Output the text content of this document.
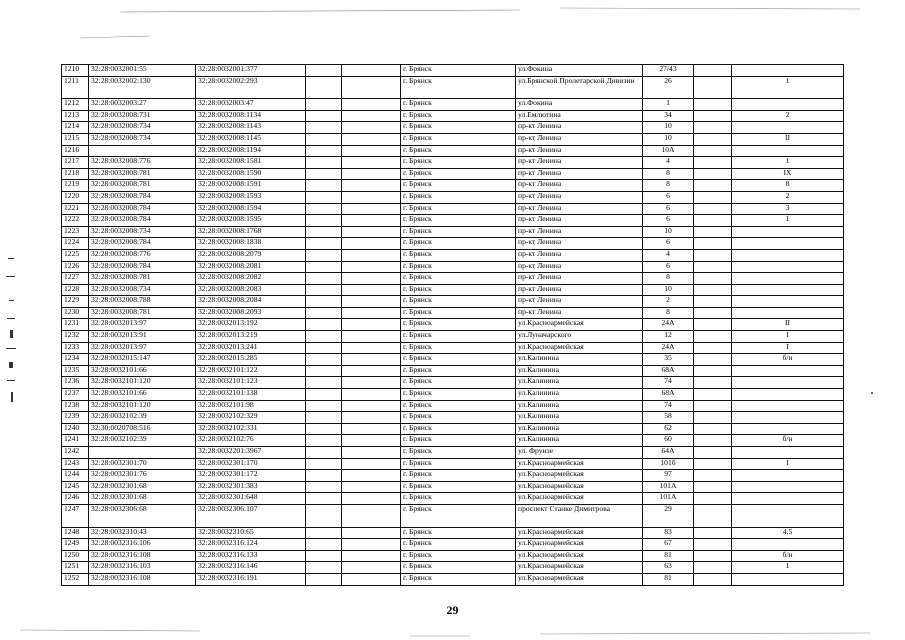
1210	32:28:0032001:55	32:28:0032001:377			г. Брянск	ул.Фокина	27/43		
1211	32:28:0032002:130	32:28:0032002:293			г. Брянск	ул.Брянской Пролетарской Дивизии	26		1
1212	32:28:0032003:27	32:28:0032003:47			г. Брянск	ул.Фокина	1		
1213	32:28:0032008:731	32:28:0032008:1134			г. Брянск	ул.Емлютина	34		2
1214	32:28:0032008:734	32:28:0032008:1143			г. Брянск	пр-кт Ленина	10		
1215	32:28:0032008:734	32:28:0032008:1145			г. Брянск	пр-кт Ленина	10		II
1216		32:28:0032008:1194			г. Брянск	пр-кт Ленина	10А		
1217	32:28:0032008:776	32:28:0032008:1581			г. Брянск	пр-кт Ленина	4		1
1218	32:28:0032008:781	32:28:0032008:1590			г. Брянск	пр-кт Ленина	8		IX
1219	32:28:0032008:781	32:28:0032008:1591			г. Брянск	пр-кт Ленина	8		8
1220	32:28:0032008:784	32:28:0032008:1593			г. Брянск	пр-кт Ленина	6		2
1221	32:28:0032008:784	32:28:0032008:1594			г. Брянск	пр-кт Ленина	6		3
1222	32:28:0032008:784	32:28:0032008:1595			г. Брянск	пр-кт Ленина	6		1
1223	32:28:0032008:734	32:28:0032008:1768			г. Брянск	пр-кт Ленина	10		
1224	32:28:0032008:784	32:28:0032008:1838			г. Брянск	пр-кт Ленина	6		
1225	32:28:0032008:776	32:28:0032008:2079			г. Брянск	пр-кт Ленина	4		
1226	32:28:0032008:784	32:28:0032008:2081			г. Брянск	пр-кт Ленина	6		
1227	32:28:0032008:781	32:28:0032008:2082			г. Брянск	пр-кт Ленина	8		
1228	32:28:0032008:734	32:28:0032008:2083			г. Брянск	пр-кт Ленина	10		
1229	32:28:0032008:788	32:28:0032008:2084			г. Брянск	пр-кт Ленина	2		
1230	32:28:0032008:781	32:28:0032008:2093			г. Брянск	пр-кт Ленина	8		
1231	32:28:0032013:97	32:28:0032013:192			г. Брянск	ул.Красноармейская	24А		II
1232	32:28:0032013:91	32:28:0032013:219			г. Брянск	ул.Луначарского	12		I
1233	32:28:0032013:97	32:28:0032013:241			г. Брянск	ул.Красноармейская	24А		I
1234	32:28:0032015:147	32:28:0032015:285			г. Брянск	ул.Калинина	35		б/н
1235	32:28:0032101:66	32:28:0032101:122			г. Брянск	ул.Калинина	68А		
1236	32:28:0032101:120	32:28:0032101:123			г. Брянск	ул.Калинина	74		
1237	32:28:0032101:66	32:28:0032101:138			г. Брянск	ул.Калинина	68А		
1238	32:28:0032101:120	32:28:0032101:98			г. Брянск	ул.Калинина	74		
1239	32:28:0032102:39	32:28:0032102:329			г. Брянск	ул.Калинина	58		
1240	32:30:0020708:516	32:28:0032102:331			г. Брянск	ул.Калинина	62		
1241	32:28:0032102:39	32:28:0032102:76			г. Брянск	ул.Калинина	60		б/н
1242		32:28:0032201:3967			г. Брянск	ул. Фрунзе	64А		
1243	32:28:0032301:70	32:28:0032301:170			г. Брянск	ул.Красноармейская	101б		I
1244	32:28:0032301:76	32:28:0032301:172			г. Брянск	ул.Красноармейская	97		
1245	32:28:0032301:68	32:28:0032301:383			г. Брянск	ул.Красноармейская	101А		
1246	32:28:0032301:68	32:28:0032301:648			г. Брянск	ул.Красноармейская	101А		
1247	32:28:0032306:68	32:28:0032306:107			г. Брянск	проспект Станке Димитрова	29		
1248	32:28:0032310:43	32:28:0032310:65			г. Брянск	ул.Красноармейская	83		4,5
1249	32:28:0032316:106	32:28:0032316:124			г. Брянск	ул.Красноармейская	67		
1250	32:28:0032316:108	32:28:0032316:133			г. Брянск	ул.Красноармейская	81		б/н
1251	32:28:0032316:103	32:28:0032316:146			г. Брянск	ул.Красноармейская	63		I
1252	32:28:0032316:108	32:28:0032316:191			г. Брянск	ул.Красноармейская	81		
29
